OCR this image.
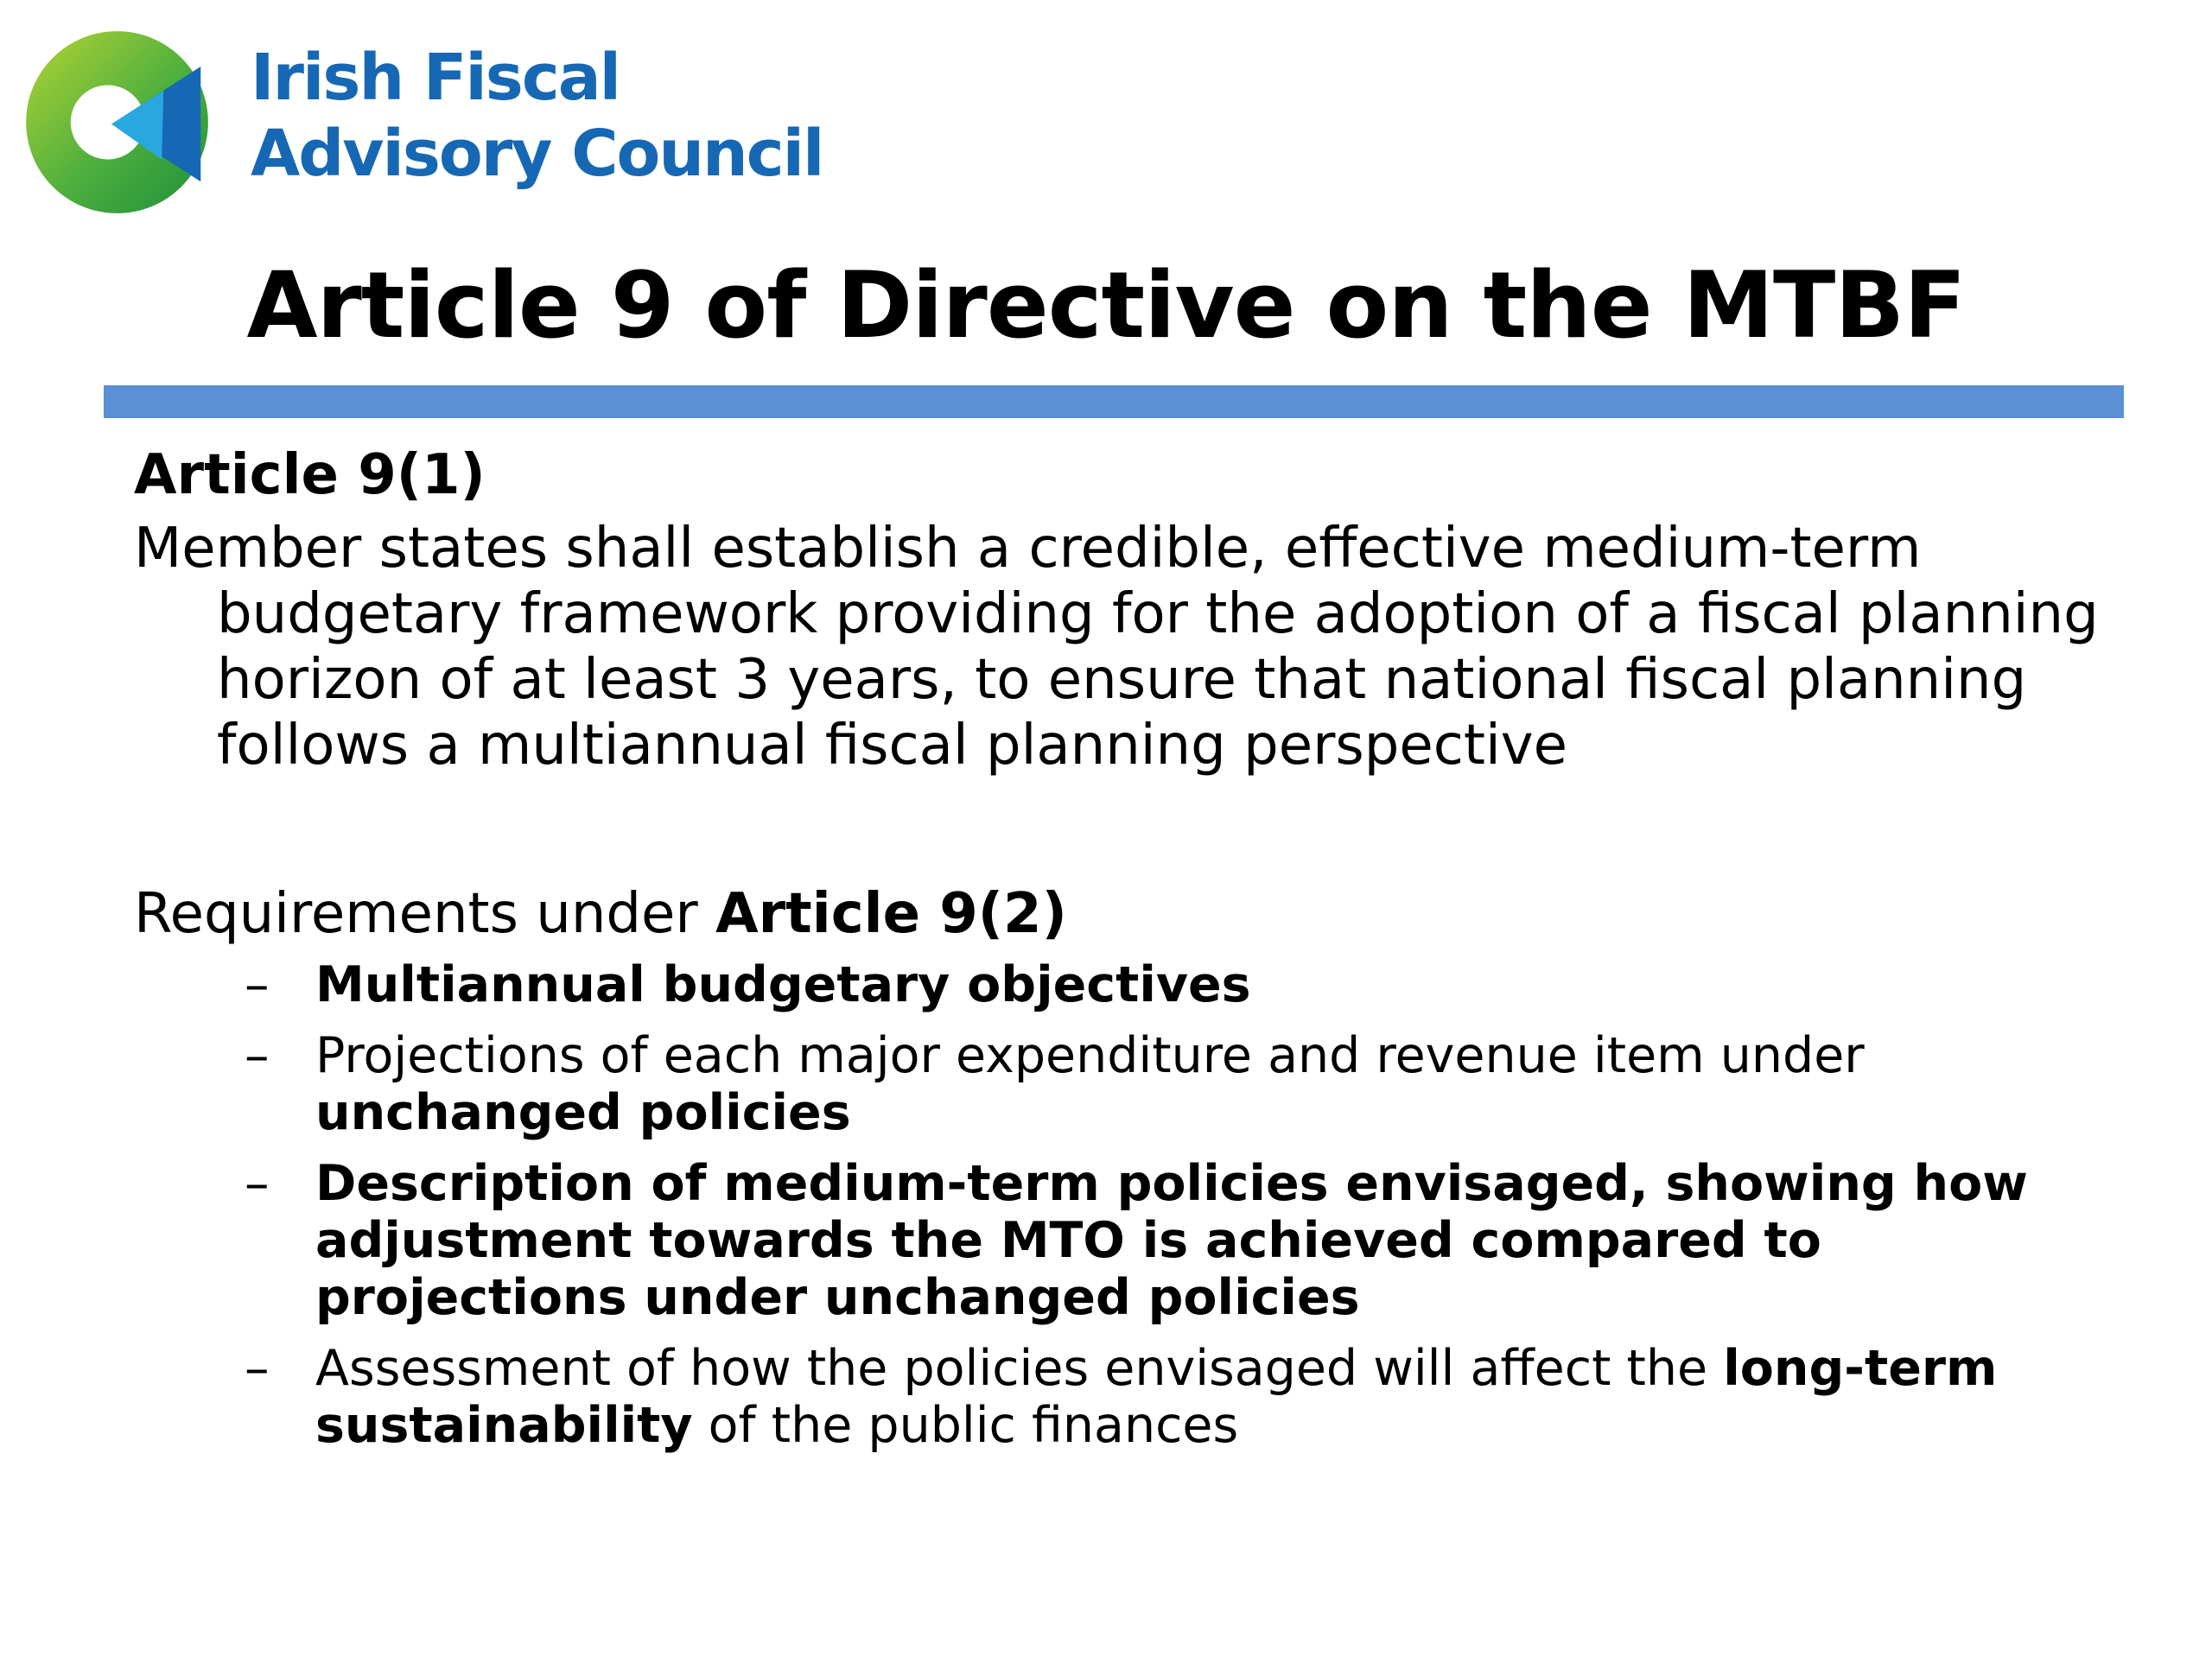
Irish Fiscal
Advisory Council
Article 9 of Directive on the MTBF

Article 9(1)

Member states shall establish a credible, effective medium-term budgetary framework providing for the adoption of a fiscal planning horizon of at least 3 years, to ensure that national fiscal planning follows a multiannual fiscal planning perspective

Requirements under Article 9(2)

– Multiannual budgetary objectives
– Projections of each major expenditure and revenue item under unchanged policies
– Description of medium-term policies envisaged, showing how adjustment towards the MTO is achieved compared to projections under unchanged policies
– Assessment of how the policies envisaged will affect the long-term sustainability of the public finances
